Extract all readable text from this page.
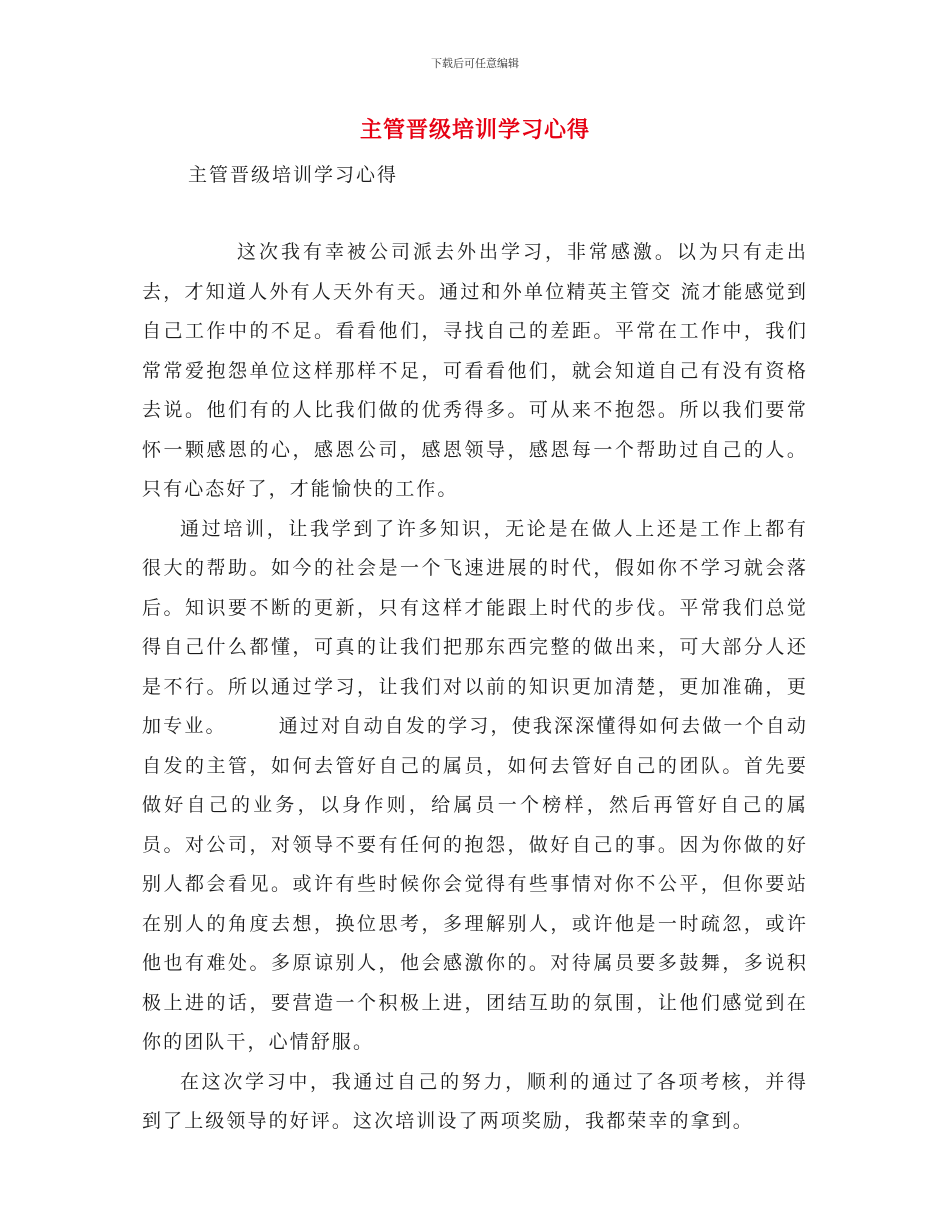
下载后可任意编辑
主管晋级培训学习心得
主管晋级培训学习心得

这次我有幸被公司派去外出学习，非常感激。以为只有走出去，才知道人外有人天外有天。通过和外单位精英主管交 流才能感觉到自己工作中的不足。看看他们，寻找自己的差距。平常在工作中，我们常常爱抱怨单位这样那样不足，可看看他们，就会知道自己有没有资格去说。他们有的人比我们做的优秀得多。可从来不抱怨。所以我们要常怀一颗感恩的心，感恩公司，感恩领导，感恩每一个帮助过自己的人。只有心态好了，才能愉快的工作。

通过培训，让我学到了许多知识，无论是在做人上还是工作上都有很大的帮助。如今的社会是一个飞速进展的时代，假如你不学习就会落后。知识要不断的更新，只有这样才能跟上时代的步伐。平常我们总觉得自己什么都懂，可真的让我们把那东西完整的做出来，可大部分人还是不行。所以通过学习，让我们对以前的知识更加清楚，更加准确，更加专业。	通过对自动自发的学习，使我深深懂得如何去做一个自动自发的主管，如何去管好自己的属员，如何去管好自己的团队。首先要做好自己的业务，以身作则，给属员一个榜样，然后再管好自己的属员。对公司，对领导不要有任何的抱怨，做好自己的事。因为你做的好别人都会看见。或许有些时候你会觉得有些事情对你不公平，但你要站在别人的角度去想，换位思考，多理解别人，或许他是一时疏忽，或许他也有难处。多原谅别人，他会感激你的。对待属员要多鼓舞，多说积极上进的话，要营造一个积极上进，团结互助的氛围，让他们感觉到在你的团队干，心情舒服。

在这次学习中，我通过自己的努力，顺利的通过了各项考核，并得到了上级领导的好评。这次培训设了两项奖励，我都荣幸的拿到。
